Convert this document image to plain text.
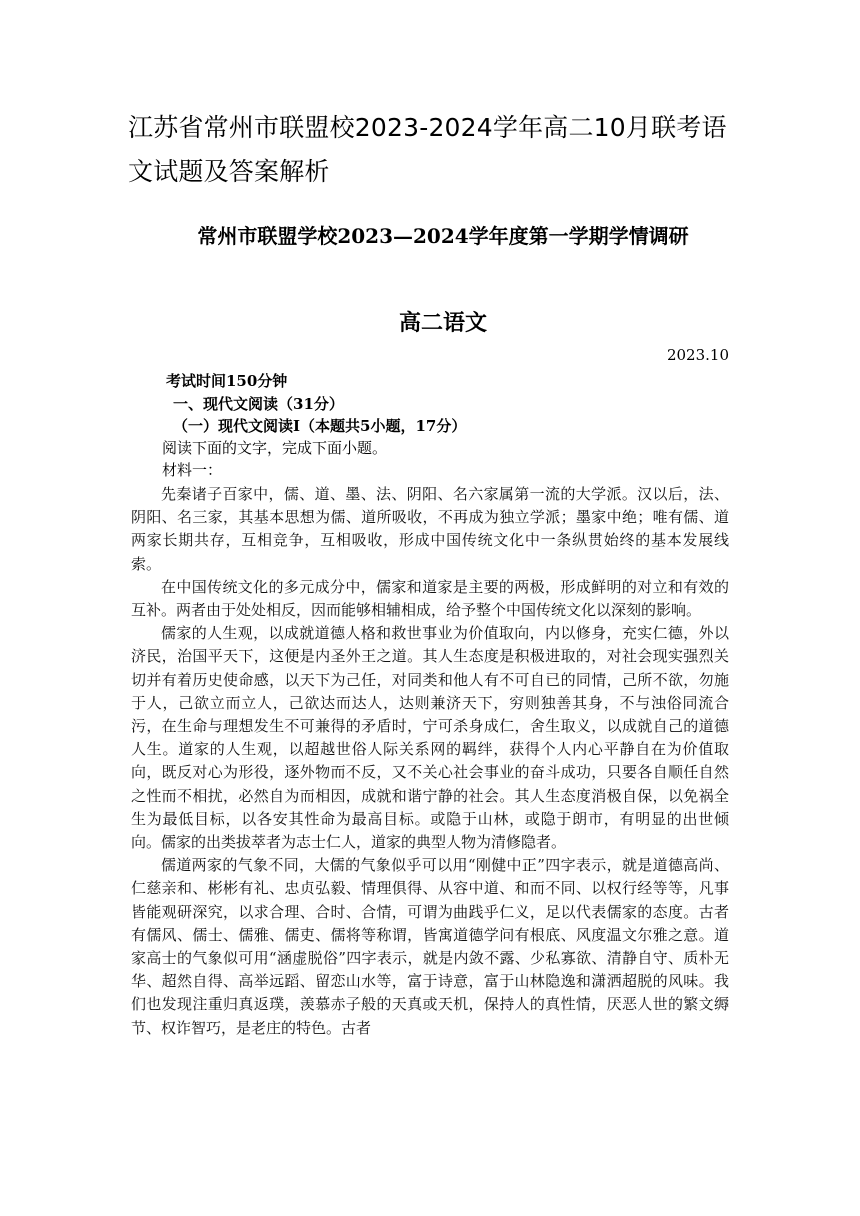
江苏省常州市联盟校2023-2024学年高二10月联考语文试题及答案解析
常州市联盟学校2023—2024学年度第一学期学情调研
高二语文
2023.10
考试时间150分钟
一、现代文阅读（31分）
（一）现代文阅读Ⅰ（本题共5小题，17分）
阅读下面的文字，完成下面小题。
材料一：

先秦诸子百家中，儒、道、墨、法、阴阳、名六家属第一流的大学派。汉以后，法、阴阳、名三家，其基本思想为儒、道所吸收，不再成为独立学派；墨家中绝；唯有儒、道两家长期共存，互相竞争，互相吸收，形成中国传统文化中一条纵贯始终的基本发展线索。

在中国传统文化的多元成分中，儒家和道家是主要的两极，形成鲜明的对立和有效的互补。两者由于处处相反，因而能够相辅相成，给予整个中国传统文化以深刻的影响。

儒家的人生观，以成就道德人格和救世事业为价值取向，内以修身，充实仁德，外以济民，治国平天下，这便是内圣外王之道。其人生态度是积极进取的，对社会现实强烈关切并有着历史使命感，以天下为己任，对同类和他人有不可自已的同情，己所不欲，勿施于人，己欲立而立人，己欲达而达人，达则兼济天下，穷则独善其身，不与浊俗同流合污，在生命与理想发生不可兼得的矛盾时，宁可杀身成仁，舍生取义，以成就自己的道德人生。道家的人生观，以超越世俗人际关系网的羁绊，获得个人内心平静自在为价值取向，既反对心为形役，逐外物而不反，又不关心社会事业的奋斗成功，只要各自顺任自然之性而不相扰，必然自为而相因，成就和谐宁静的社会。其人生态度消极自保，以免祸全生为最低目标，以各安其性命为最高目标。或隐于山林，或隐于朗市，有明显的出世倾向。儒家的出类拔萃者为志士仁人，道家的典型人物为清修隐者。

儒道两家的气象不同，大儒的气象似乎可以用“刚健中正”四字表示，就是道德高尚、仁慈亲和、彬彬有礼、忠贞弘毅、情理俱得、从容中道、和而不同、以权行经等等，凡事皆能观研深究，以求合理、合时、合情，可谓为曲践乎仁义，足以代表儒家的态度。古者有儒风、儒士、儒雅、儒吏、儒将等称谓，皆寓道德学问有根底、风度温文尔雅之意。道家高士的气象似可用“涵虚脱俗”四字表示，就是内敛不露、少私寡欲、清静自守、质朴无华、超然自得、高举远蹈、留恋山水等，富于诗意，富于山林隐逸和潇洒超脱的风味。我们也发现注重归真返璞，羡慕赤子般的天真或天机，保持人的真性情，厌恶人世的繁文缛节、权诈智巧，是老庄的特色。古者
